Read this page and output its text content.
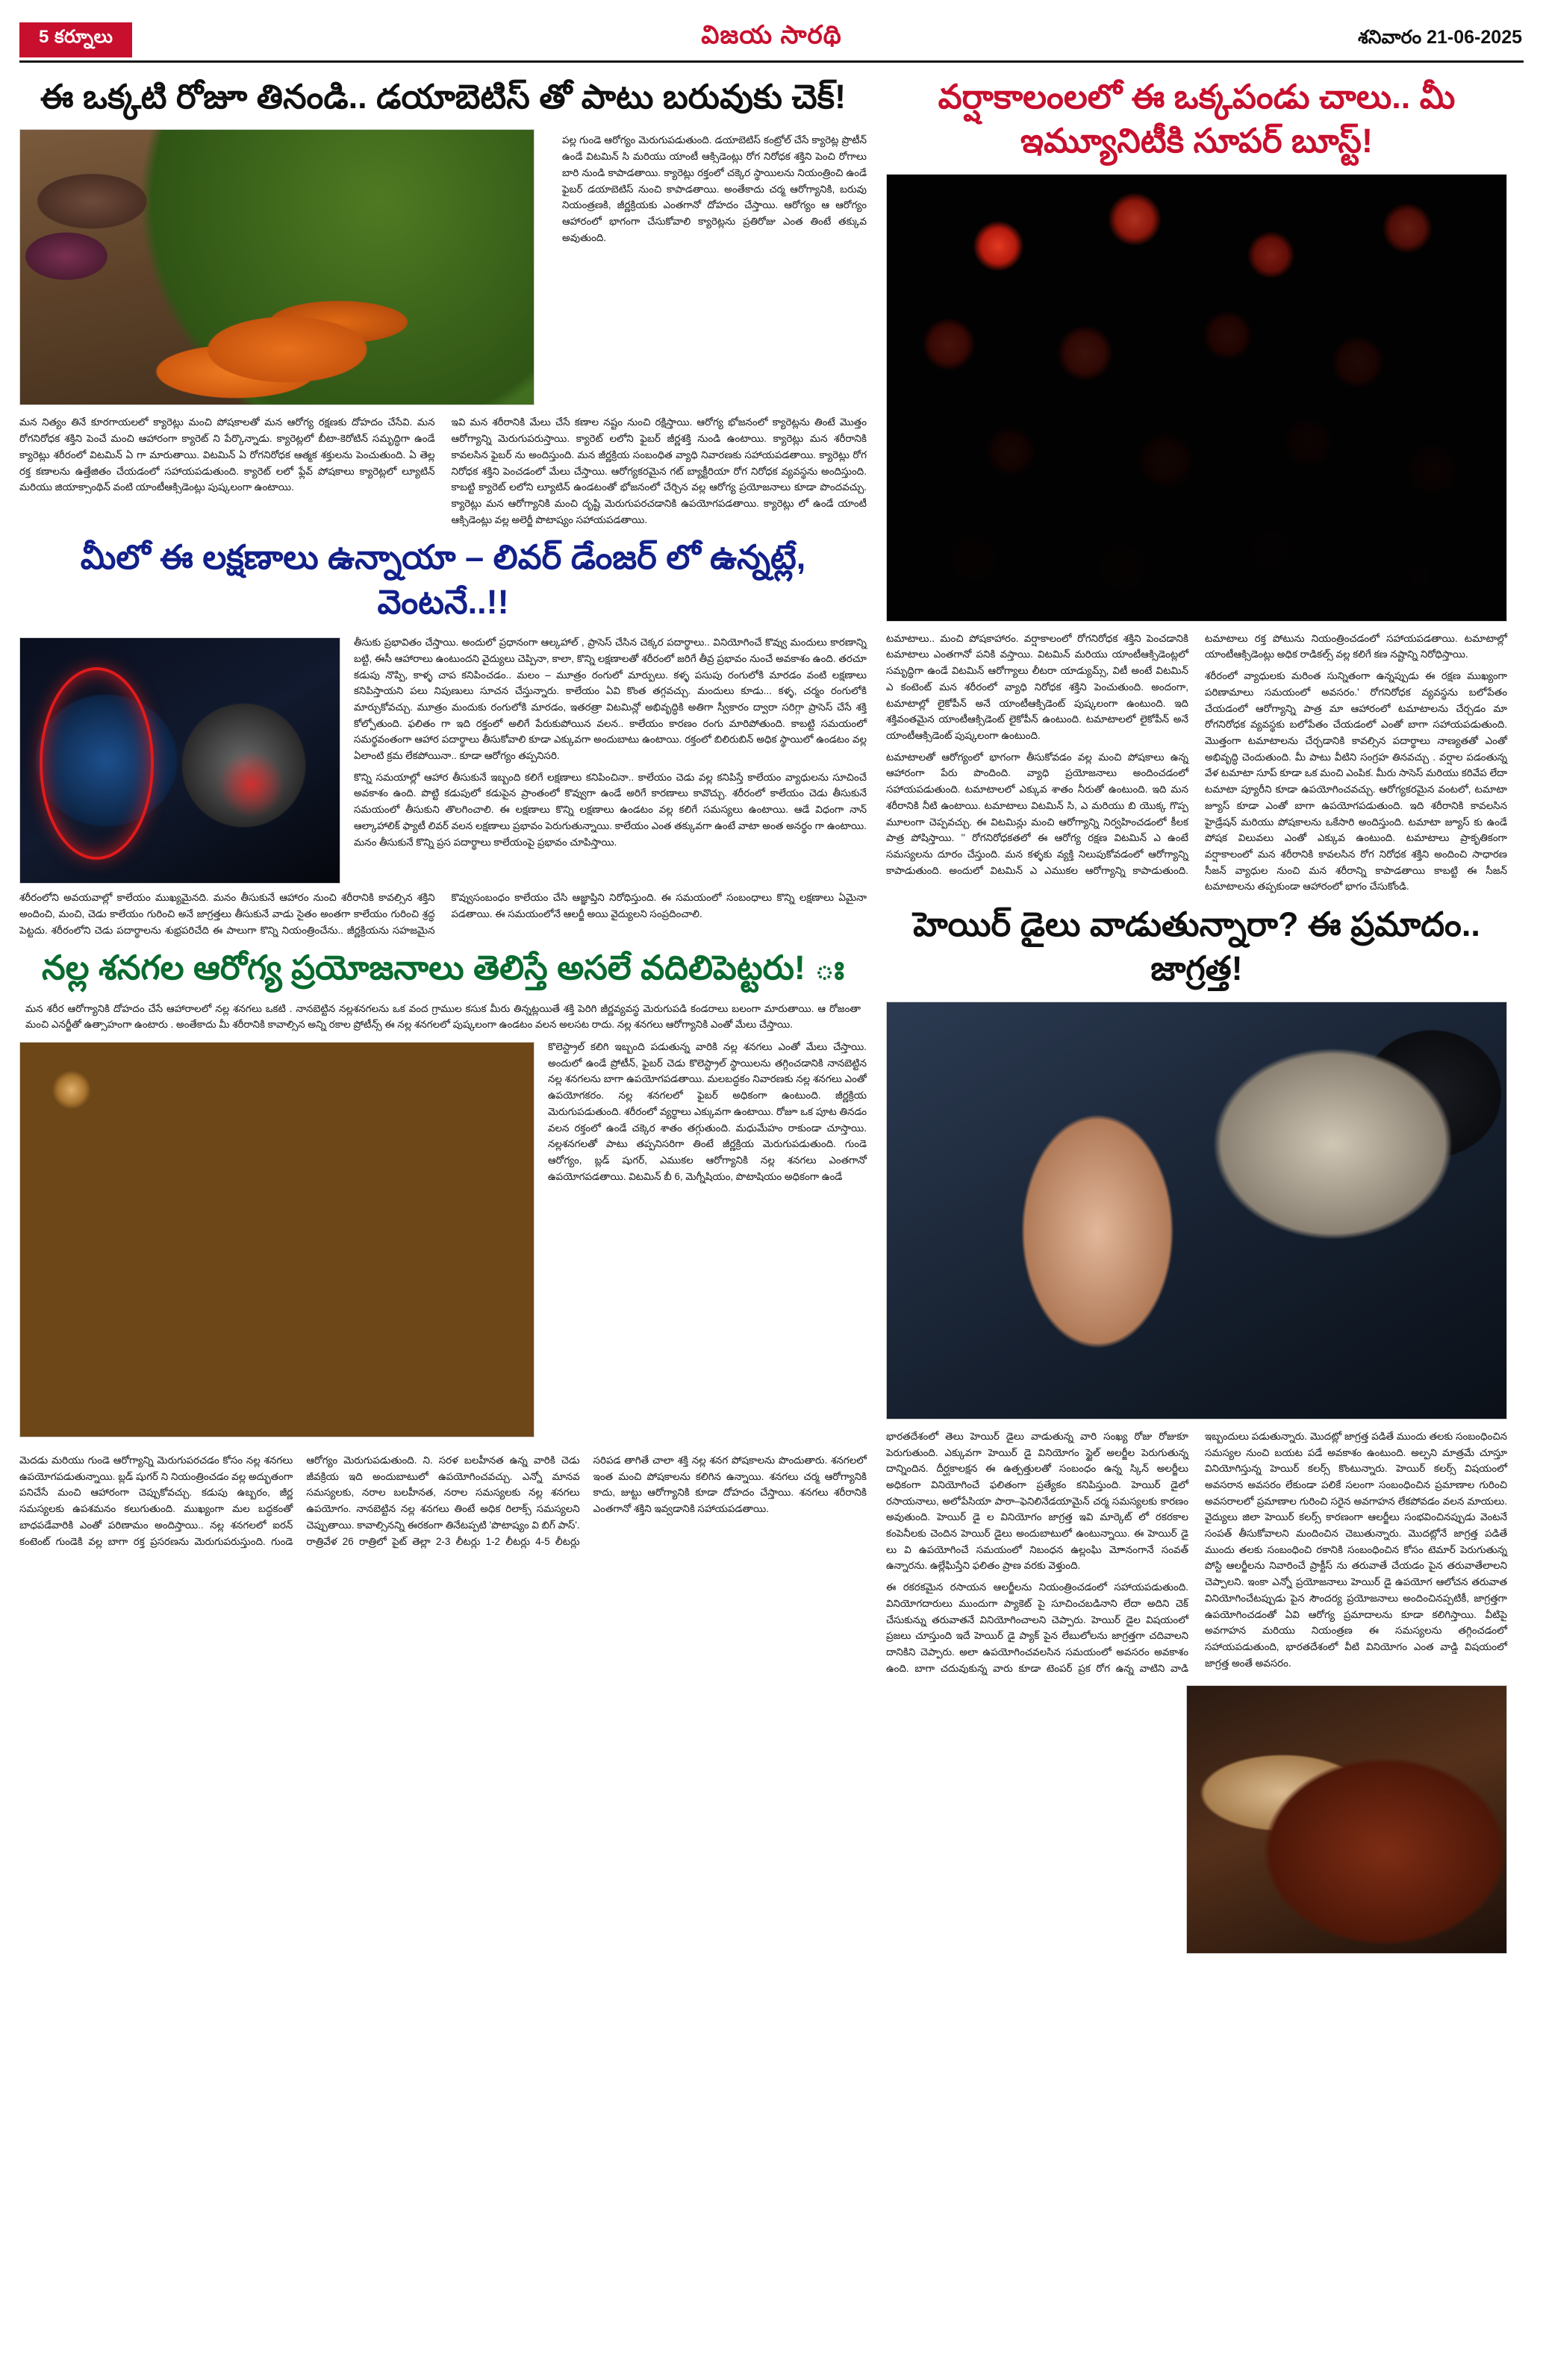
5 కర్నూలు	విజయ సారథి	శనివారం 21-06-2025
ఈ ఒక్కటి రోజూ తినండి.. డయాబెటిస్ తో పాటు బరువుకు చెక్!
పల్ల గుండె ఆరోగ్యం మెరుగుపడుతుంది. డయాబెటిస్ కంట్రోల్ చేసే క్యారెట్ల ప్రొటీన్ ఉండే విటమిన్ సి మరియు యాంటీ ఆక్సిడెంట్లు రోగ నిరోధక శక్తిని పెంచి రోగాలు బారి నుండి కాపాడతాయి. క్యారెట్లు రక్తంలో చక్కెర స్థాయిలను నియంత్రించి ఉండే ఫైబర్ డయాబెటిస్ నుంచి కాపాడతాయి. అంతేకాదు చర్మ ఆరోగ్యానికి, బరువు నియంత్రణకి, జీర్ణక్రియకు ఎంతగానో దోహదం చేస్తాయి. ఆరోగ్యం ఆ ఆరోగ్యం ఆహారంలో భాగంగా చేసుకోవాలి క్యారెట్లను ప్రతిరోజు ఎంత తింటే తక్కువ అవుతుంది.

మన నిత్యం తినే కూరగాయలలో క్యారెట్లు మంచి పోషకాలతో మన ఆరోగ్య రక్షణకు దోహదం చేసేవి. మన రోగనిరోధక శక్తిని పెంచే మంచి ఆహారంగా క్యారెట్ ని పేర్కొన్నాడు. క్యారెట్లలో బీటా-కెరోటిన్ సమృద్ధిగా ఉండే క్యారెట్లు శరీరంలో విటమిన్ ఏ గా మారుతాయి. విటమిన్ ఏ రోగనిరోధక ఆత్మక శక్తులను పెంచుతుంది. ఏ తెల్ల రక్త కణాలను ఉత్తేజితం చేయడంలో సహాయపడుతుంది. క్యారెట్ లలో ఫ్లేవ్ పోషకాలు క్యారెట్లలో ల్యూటిన్ మరియు జియాక్సాంథిన్ వంటి యాంటీఆక్సిడెంట్లు పుష్కలంగా ఉంటాయి.

ఇవి మన శరీరానికి మేలు చేసే కణాల నష్టం నుంచి రక్షిస్తాయి. ఆరోగ్య భోజనంలో క్యారెట్లను తింటే మొత్తం ఆరోగ్యాన్ని మెరుగుపరుస్తాయి. క్యారెట్ లలోని ఫైబర్ జీర్ణశక్తి నుండి ఉంటాయి. క్యారెట్లు మన శరీరానికి కావలసిన ఫైబర్ ను అందిస్తుంది. మన జీర్ణక్రియ సంబంధిత వ్యాధి నివారణకు సహాయపడతాయి. క్యారెట్లు రోగ నిరోధక శక్తిని పెంచడంలో మేలు చేస్తాయి. ఆరోగ్యకరమైన గట్ బ్యాక్టీరియా రోగ నిరోధక వ్యవస్థను అందిస్తుంది. కాబట్టి క్యారెట్ లలోని ల్యూటిన్ ఉండటంతో భోజనంలో చేర్చిన వల్ల ఆరోగ్య ప్రయోజనాలు కూడా పొందవచ్చు. క్యారెట్లు మన ఆరోగ్యానికి మంచి దృష్టి మెరుగుపరచడానికి ఉపయోగపడతాయి. క్యారెట్లు లో ఉండే యాంటీ ఆక్సిడెంట్లు వల్ల అలెర్జీ పొటాష్యం సహాయపడతాయి.

మీలో ఈ లక్షణాలు ఉన్నాయా – లివర్ డేంజర్ లో ఉన్నట్లే, వెంటనే..!!

తీసుకు ప్రభావితం చేస్తాయి. అందులో ప్రధానంగా ఆల్కహాల్ , ప్రాసెస్ చేసిన చెక్కర పదార్థాలు.. వినియోగించే కొవ్వు మందులు కారణాన్ని బట్టి, ఈసీ ఆహారాలు ఉంటుందని వైద్యులు చెప్పినా, కాలా, కొన్ని లక్షణాలతో శరీరంలో జరిగే తీవ్ర ప్రభావం నుంచే అవకాశం ఉంది. తరచూ కడుపు నొప్పి, కాళ్ళ చాప కనిపించడం.. మలం – మూత్రం రంగులో మార్పులు. కళ్ళ పసుపు రంగులోకి మారడం వంటి లక్షణాలు కనిపిస్తాయని పలు నిపుణులు సూచన చేస్తున్నారు. కాలేయం ఏవి కొంత తగ్గవచ్చు. మందులు కూడు... కళ్ళ, చర్మం రంగులోకి మార్చుకోవచ్చు. మూత్రం మందుకు రంగులోకి మారడం, ఇతరత్రా విటమిన్లో అభివృద్ధికి అతిగా స్వీకారం ద్వారా సరిగ్గా ప్రాసెస్ చేసే శక్తి కోల్పోతుంది. ఫలితం గా ఇది రక్తంలో అలిగే పేరుకుపోయిన వలన.. కాలేయం కారణం రంగు మారిపోతుంది. కాబట్టి సమయంలో సమర్థవంతంగా ఆహార పదార్థాలు తీసుకోవాలి కూడా ఎక్కువగా అందుబాటు ఉంటాయి. రక్తంలో బిలిరుబిన్ అధిక స్థాయిలో ఉండటం వల్ల ఏలాంటి క్రమ లేకపోయినా.. కూడా ఆరోగ్యం తప్పనిసరి.

కొన్ని సమయాల్లో ఆహార తీసుకునే ఇబ్బంది కలిగే లక్షణాలు కనిపించినా.. కాలేయం చెడు వల్ల కనిపిస్తే కాలేయం వ్యాధులను సూచించే అవకాశం ఉంది. పొట్టి కడుపులో కడుపైన ప్రాంతంలో కొవ్వుగా ఉండే అరిగే కారణాలు కావొచ్చు. శరీరంలో కాలేయం చెడు తీసుకునే సమయంలో తీసుకుని తొలగించాలి. ఈ లక్షణాలు కొన్ని లక్షణాలు ఉండటం వల్ల కలిగే సమస్యలు ఉంటాయి. ఆడే విధంగా నాన్ ఆల్కాహాలిక్ ఫ్యాటీ లివర్ వలన లక్షణాలు ప్రభావం పెరుగుతున్నాయి. కాలేయం ఎంత తక్కువగా ఉంటే వాటా అంత అనర్థం గా ఉంటాయి. మనం తీసుకునే కొన్ని ప్రస పదార్థాలు కాలేయంపై ప్రభావం చూపిస్తాయి.

శరీరంలోని అవయవాల్లో కాలేయం ముఖ్యమైనది. మనం తీసుకునే ఆహారం నుంచి శరీరానికి కావల్సిన శక్తిని అందించి, మంచి, చెడు కాలేయం గురించి అనే జాగ్రత్తలు తీసుకునే వాడు సైతం అంతగా కాలేయం గురించి శ్రద్ధ పెట్టదు. శరీరంలోని చెడు పదార్థాలను శుభ్రపరిచేది ఈ పాలుగా కొన్ని నియంత్రించేను.. జీర్ణక్రియను సహజమైన కొవ్వుసంబంధం కాలేయం చేసి ఆజ్ఞాప్తిని నిరోధిస్తుంది. ఈ సమయంలో సంబంధాలు కొన్ని లక్షణాలు ఏమైనా పడతాయి. ఈ సమయంలోనే ఆలర్జీ అయి వైద్యులని సంప్రదించాలి.

నల్ల శనగల ఆరోగ్య ప్రయోజనాలు తెలిస్తే అసలే వదిలిపెట్టరు! ః
మన శరీర ఆరోగ్యానికి దోహదం చేసే ఆహారాలలో నల్ల శనగలు ఒకటి . నానబెట్టిన నల్లశనగలను ఒక వంద గ్రాముల కసుక మీరు తిన్నట్లయితే శక్తి పెరిగి జీర్ణవ్యవస్థ మెరుగుపడి కండరాలు బలంగా మారుతాయి. ఆ రోజంతా మంచి ఎనర్జీతో ఉత్సాహంగా ఉంటారు . అంతేకాదు మీ శరీరానికి కావాల్సిన అన్ని రకాల ప్రోటీన్స్ ఈ నల్ల శనగలలో పుష్కలంగా ఉండటం వలన అలసట రాదు. నల్ల శనగలు ఆరోగ్యానికి ఎంతో మేలు చేస్తాయి.
కొలెస్ట్రాల్ కలిగి ఇబ్బంది పడుతున్న వారికి నల్ల శనగలు ఎంతో మేలు చేస్తాయి. అందులో ఉండే ప్రోటీన్, ఫైబర్ చెడు కొలెస్ట్రాల్ స్థాయిలను తగ్గించడానికి నానబెట్టిన నల్ల శనగలను బాగా ఉపయోగపడతాయి. మలబద్ధకం నివారణకు నల్ల శనగలు ఎంతో ఉపయోగకరం. నల్ల శనగలలో ఫైబర్ అధికంగా ఉంటుంది. జీర్ణక్రియ మెరుగుపడుతుంది. శరీరంలో వ్యర్థాలు ఎక్కువగా ఉంటాయి. రోజూ ఒక పూట తినడం వలన రక్తంలో ఉండే చక్కెర శాతం తగ్గుతుంది. మధుమేహం రాకుండా చూస్తాయి. నల్లశనగలతో పాటు తప్పనిసరిగా తింటే జీర్ణక్రియ మెరుగుపడుతుంది. గుండె ఆరోగ్యం, బ్లడ్ షుగర్, ఎముకల ఆరోగ్యానికి నల్ల శనగలు ఎంతగానో ఉపయోగపడతాయి. విటమిన్ బీ 6, మెగ్నీషియం, పొటాషియం అధికంగా ఉండే

మెదడు మరియు గుండె ఆరోగ్యాన్ని మెరుగుపరచడం కోసం నల్ల శనగలు ఉపయోగపడుతున్నాయి. బ్లడ్ షుగర్ ని నియంత్రించడం వల్ల అద్భుతంగా పనిచేసే మంచి ఆహారంగా చెప్పుకోవచ్చు. కడుపు ఉబ్బరం, జీర్ణ సమస్యలకు ఉపశమనం కలుగుతుంది. ముఖ్యంగా మల బద్ధకంతో బాధపడేవారికి ఎంతో పరిణామం అందిస్తాయి.. నల్ల శనగలలో ఐరన్ కంటెంట్ గుండెకి వల్ల బాగా రక్త ప్రసరణను మెరుగుపరుస్తుంది. గుండె ఆరోగ్యం మెరుగుపడుతుంది. ని. సరళ బలహీనత ఉన్న వారికి చెడు జీవక్రియ ఇది అందుబాటులో ఉపయోగించవచ్చు. ఎన్నో మానవ సమస్యలకు, నరాల బలహీనత, నరాల సమస్యలకు నల్ల శనగలు ఉపయోగం. నానబెట్టిన నల్ల శనగలు తింటే అధిక రిలాక్స్ సమస్యలని చెప్పుతాయి. కావాల్సినన్ని ఈరకంగా తినేటప్పటి 'పొటాష్యం వి బిగ్ పాస్'. రాత్రివేళ 26 రాత్రిలో పైట్ తెల్లా 2-3 లీటర్లు 1-2 లీటర్లు 4-5 లీటర్లు సరిపడ తాగితే చాలా శక్తి నల్ల శనగ పోషకాలను పొందుతారు. శనగలలో ఇంత మంచి పోషకాలను కలిగిన ఉన్నాయి. శనగలు చర్మ ఆరోగ్యానికి కాదు, జుట్టు ఆరోగ్యానికి కూడా దోహదం చేస్తాయి. శనగలు శరీరానికి ఎంతగానో శక్తిని ఇవ్వడానికి సహాయపడతాయి.

వర్షాకాలంలలో ఈ ఒక్కపండు చాలు.. మీ ఇమ్యూనిటీకి సూపర్ బూస్ట్!

టమాటాలు.. మంచి పోషకాహారం. వర్షాకాలంలో రోగనిరోధక శక్తిని పెంచడానికి టమాటాలు ఎంతగానో పనికి వస్తాయి. విటమిన్ మరియు యాంటీఆక్సిడెంట్లలో సమృద్ధిగా ఉండే విటమిన్ ఆరోగ్యాలు లీటరా యాడ్యుమ్స్, విటీ అంటే విటమిన్ ఎ కంటెంట్ మన శరీరంలో వ్యాధి నిరోధక శక్తిని పెంచుతుంది. అందంగా, టమాటాల్లో లైకోపీన్ అనే యాంటీఆక్సిడెంట్ పుష్కలంగా ఉంటుంది. ఇది శక్తివంతమైన యాంటీఆక్సిడెంట్ లైకోపీన్ ఉంటుంది. టమాటాలలో లైకోపీన్ అనే యాంటీఆక్సిడెంట్ పుష్కలంగా ఉంటుంది.

టమాటాలతో ఆరోగ్యంలో భాగంగా తీసుకోవడం వల్ల మంచి పోషకాలు ఉన్న ఆహారంగా పేరు పొందింది. వ్యాధి ప్రయోజనాలు అందించడంలో సహాయపడుతుంది. టమాటాలలో ఎక్కువ శాతం నీరుతో ఉంటుంది. ఇది మన శరీరానికి నీటి ఉంటాయి. టమాటాలు విటమిన్ సి, ఎ మరియు బి యొక్క గొప్ప మూలంగా చెప్పవచ్చు. ఈ విటమిన్లు మంచి ఆరోగ్యాన్ని నిర్వహించడంలో కీలక పాత్ర పోషిస్తాయి. '' రోగనిరోధకతలో ఈ ఆరోగ్య రక్షణ విటమిన్ ఎ ఉంటే సమస్యలను దూరం చేస్తుంది. మన కళ్ళకు వ్యక్తి నిలుపుకోవడంలో ఆరోగ్యాన్ని కాపాడుతుంది. అందులో విటమిన్ ఎ ఎముకల ఆరోగ్యాన్ని కాపాడుతుంది. టమాటాలు రక్త పోటును నియంత్రించడంలో సహాయపడతాయి. టమాటాల్లో యాంటీఆక్సిడెంట్లు అధిక రాడికల్స్ వల్ల కలిగే కణ నష్టాన్ని నిరోధిస్తాయి.

శరీరంలో వ్యాధులకు మరింత సున్నితంగా ఉన్నప్పుడు ఈ రక్షణ ముఖ్యంగా పరిణామాలు సమయంలో అవసరం.' రోగనిరోధక వ్యవస్థను బలోపేతం చేయడంలో ఆరోగ్యాన్ని పాత్ర మా ఆహారంలో టమాటాలను చేర్చడం మా రోగనిరోధక వ్యవస్థకు బలోపేతం చేయడంలో ఎంతో బాగా సహాయపడుతుంది. మొత్తంగా టమాటాలను చేర్చడానికి కావల్సిన పదార్థాలు నాణ్యతతో ఎంతో అభివృద్ధి చెందుతుంది. మీ పాటు వీటిని సంగ్రహ తినవచ్చు . వర్షాల పడంతున్న వేళ టమాటా సూప్ కూడా ఒక మంచి ఎంపిక. మీరు సాసెస్ మరియు కరివేప లేదా టమాటా ప్యూరీని కూడా ఉపయోగించవచ్చు. ఆరోగ్యకరమైన వంటలో, టమాటా జ్యూస్ కూడా ఎంతో బాగా ఉపయోగపడుతుంది. ఇది శరీరానికి కావలసిన హైడ్రేషన్ మరియు పోషకాలను ఒకేసారి అందిస్తుంది. టమాటా జ్యూస్ కు ఉండే పోషక విలువలు ఎంతో ఎక్కువ ఉంటుంది. టమాటాలు ప్రాకృతికంగా వర్షాకాలంలో మన శరీరానికి కావలసిన రోగ నిరోధక శక్తిని అందించి సాధారణ సీజన్ వ్యాధుల నుంచి మన శరీరాన్ని కాపాడతాయి కాబట్టి ఈ సీజన్ టమాటాలను తప్పకుండా ఆహారంలో భాగం చేసుకోండి.

హెయిర్ డైలు వాడుతున్నారా? ఈ ప్రమాదం.. జాగ్రత్త!

భారతదేశంలో తెలు హెయిర్ డైలు వాడుతున్న వారి సంఖ్య రోజు రోజుకూ పెరుగుతుంది. ఎక్కువగా హెయిర్ డై వినియోగం స్టైల్ అలర్జీల పెరుగుతున్న దాన్నిందిన. దీర్ఘకాలక్షన ఈ ఉత్పత్తులతో సంబంధం ఉన్న స్కిన్ అలర్జీలు అధికంగా వినియోగించే ఫలితంగా ప్రత్యేకం కనిపిస్తుంది. హెయిర్ డైలో రసాయనాలు, అలోపేసియా పారా–ఫెనిలినేడయామైన్ చర్మ సమస్యలకు కారణం అవుతుంది. హెయిర్ డై ల వినియోగం జాగ్రత్త ఇవి మార్కెట్ లో రకరకాల కంపెనీలకు చెందిన హెయిర్ డైలు అందుబాటులో ఉంటున్నాయి. ఈ హెయిర్ డై లు వి ఉపయోగించే సమయంలో నిబంధన ఉల్లంఘి మోానంగానే సంవత్ ఉన్నారను. ఉల్లేఘిస్తేని ఫలితం ప్రాణ వరకు వెళ్తుంది.

ఈ రకరకమైన రసాయన ఆలర్జీలను నియంత్రించడంలో సహాయపడుతుంది. వినియోగదారులు ముందుగా ప్యాకెట్ పై సూచించబడినాని లేదా అదిని చెక్ చేసుకున్ను తరువాతనే వినియోగించాలని చెప్పారు. హెయిర్ డైల విషయంలో ప్రజలు చూస్తుంది ఇదే హెయిర్ డై ప్యాక్ పైన లేబులోలను జాగ్రత్తగా చదివాలని దానికిని చెప్పారు. అలా ఉపయోగించవలసిన సమయంలో అవసరం అవకాశం ఉంది. బాగా చదువుకున్న వారు కూడా టెంపర్ ప్రక రోగ ఉన్న వాటిని వాడి ఇబ్బందులు పడుతున్నారు. మొదట్లో జాగ్రత్త పడితే ముందు తలకు సంబంధించిన సమస్యల నుంచి బయట పడే అవకాశం ఉంటుంది. అల్పని మాత్రమే చూస్తూ వినియోగిస్తున్న హెయిర్ కలర్స్ కొంటున్నారు. హెయిర్ కలర్స్ విషయంలో అవసరాన అవసరం లేకుండా పలికే సలంగా సంబంధించిన ప్రమాణాల గురించి అవసరాలలో ప్రమాణాల గురించి సరైన అవగాహన లేకపోవడం వలన మాయలు. వైద్యులు జిలా హెయిర్ కలర్స్ కారణంగా ఆలర్జీలు సంభవించినప్పుడు వెంటనే సంపత్ తీసుకోవాలని మందించిన చెబుతున్నారు. మొదట్లోనే జాగ్రత్త పడితే ముందు తలకు సంబంధించి రకానికి సంబంధించిన కోసం టెమార్ పెరుగుతున్న పోస్టి ఆలర్జీలను నివారించే ప్రాక్టీస్ ను తరువాతే చేయడం పైన తరువాతేలాలని చెప్పాలని. ఇంకా ఎన్నో ప్రయోజనాలు హెయిర్ డై ఉపయోగ ఆలోచన తరువాత వినియోగించేటప్పుడు పైన సౌందర్య ప్రయోజనాలు అందించినప్పటికీ, జాగ్రత్తగా ఉపయోగించడంతో ఏవి ఆరోగ్య ప్రమాదాలను కూడా కలిగిస్తాయి. వీటిపై అవగాహన మరియు నియంత్రణ ఈ సమస్యలను తగ్గించడంలో సహాయపడుతుంది, భారతదేశంలో వీటి వినియోగం ఎంత వాడ్డి విషయంలో జాగ్రత్త అంతే అవసరం.
